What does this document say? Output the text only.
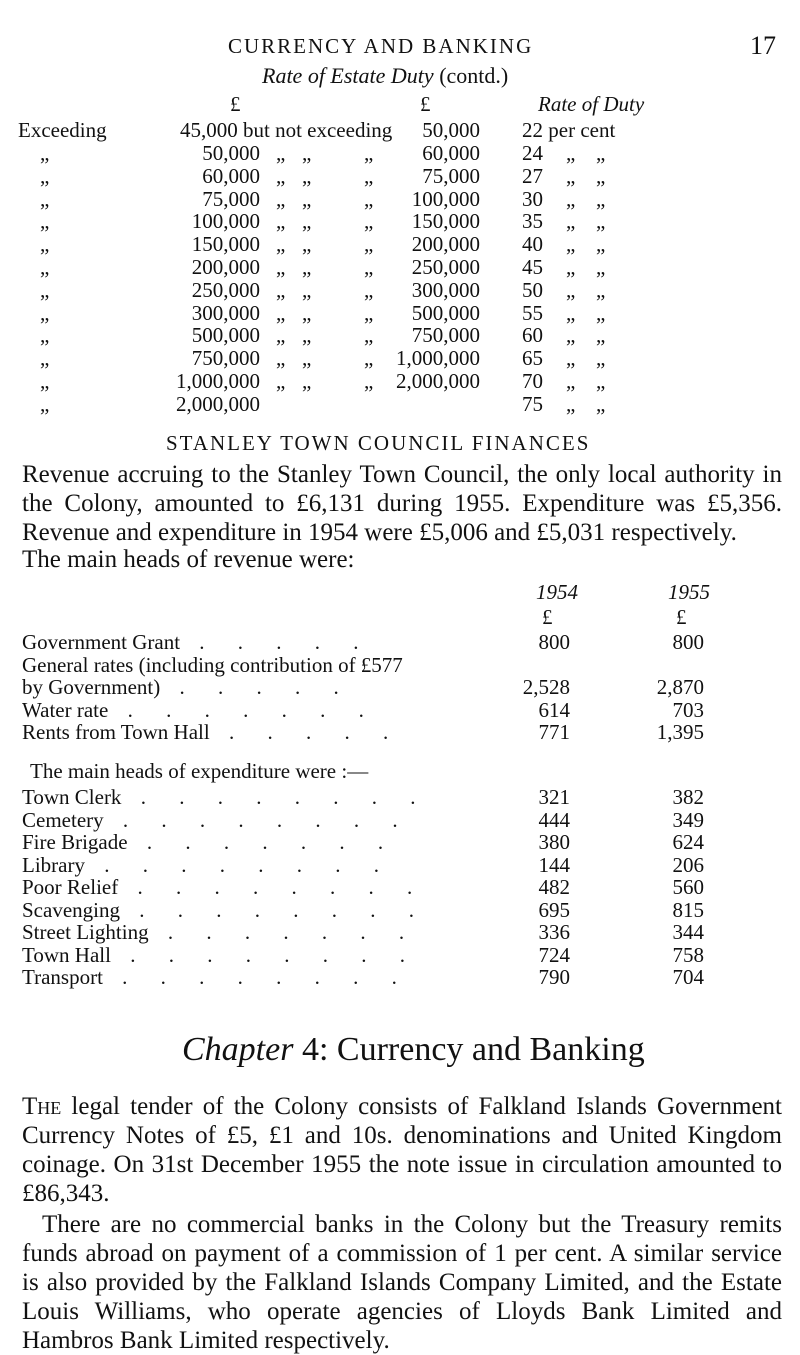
CURRENCY AND BANKING	17
Rate of Estate Duty (contd.)
£	£	Rate of Duty
Exceeding	45,000 but not exceeding	50,000 22 per cent
„	50,000 „ „	„	60,000 24 „ „
„	60,000 „ „	„	75,000 27 „ „
„	75,000 „ „	„	100,000 30 „ „
„	100,000 „ „	„	150,000 35 „ „
„	150,000 „ „	„	200,000 40 „ „
„	200,000 „ „	„	250,000 45 „ „
„	250,000 „ „	„	300,000 50 „ „
„	300,000 „ „	„	500,000 55 „ „
„	500,000 „ „	„	750,000 60 „ „
„	750,000 „ „	„	1,000,000 65 „ „
„	1,000,000 „ „	„	2,000,000 70 „ „
„	2,000,000	75 „ „
STANLEY TOWN COUNCIL FINANCES
Revenue accruing to the Stanley Town Council, the only local authority in the Colony, amounted to £6,131 during 1955. Expenditure was £5,356. Revenue and expenditure in 1954 were £5,006 and £5,031 respectively.
The main heads of revenue were:
1954	1955
£	£
Government Grant . . . . .	800	800
General rates (including contribution of £577
by Government) . . . . .	2,528	2,870
Water rate . . . . . . .	614	703
Rents from Town Hall . . . . .	771	1,395
The main heads of expenditure were :—
Town Clerk . . . . . . . .	321	382
Cemetery . . . . . . . .	444	349
Fire Brigade . . . . . . .	380	624
Library . . . . . . . .	144	206
Poor Relief . . . . . . . .	482	560
Scavenging . . . . . . . .	695	815
Street Lighting . . . . . . .	336	344
Town Hall . . . . . . . .	724	758
Transport . . . . . . . .	790	704
Chapter 4: Currency and Banking
The legal tender of the Colony consists of Falkland Islands Government Currency Notes of £5, £1 and 10s. denominations and United Kingdom coinage. On 31st December 1955 the note issue in circulation amounted to £86,343.
There are no commercial banks in the Colony but the Treasury remits funds abroad on payment of a commission of 1 per cent. A similar service is also provided by the Falkland Islands Company Limited, and the Estate Louis Williams, who operate agencies of Lloyds Bank Limited and Hambros Bank Limited respectively.
